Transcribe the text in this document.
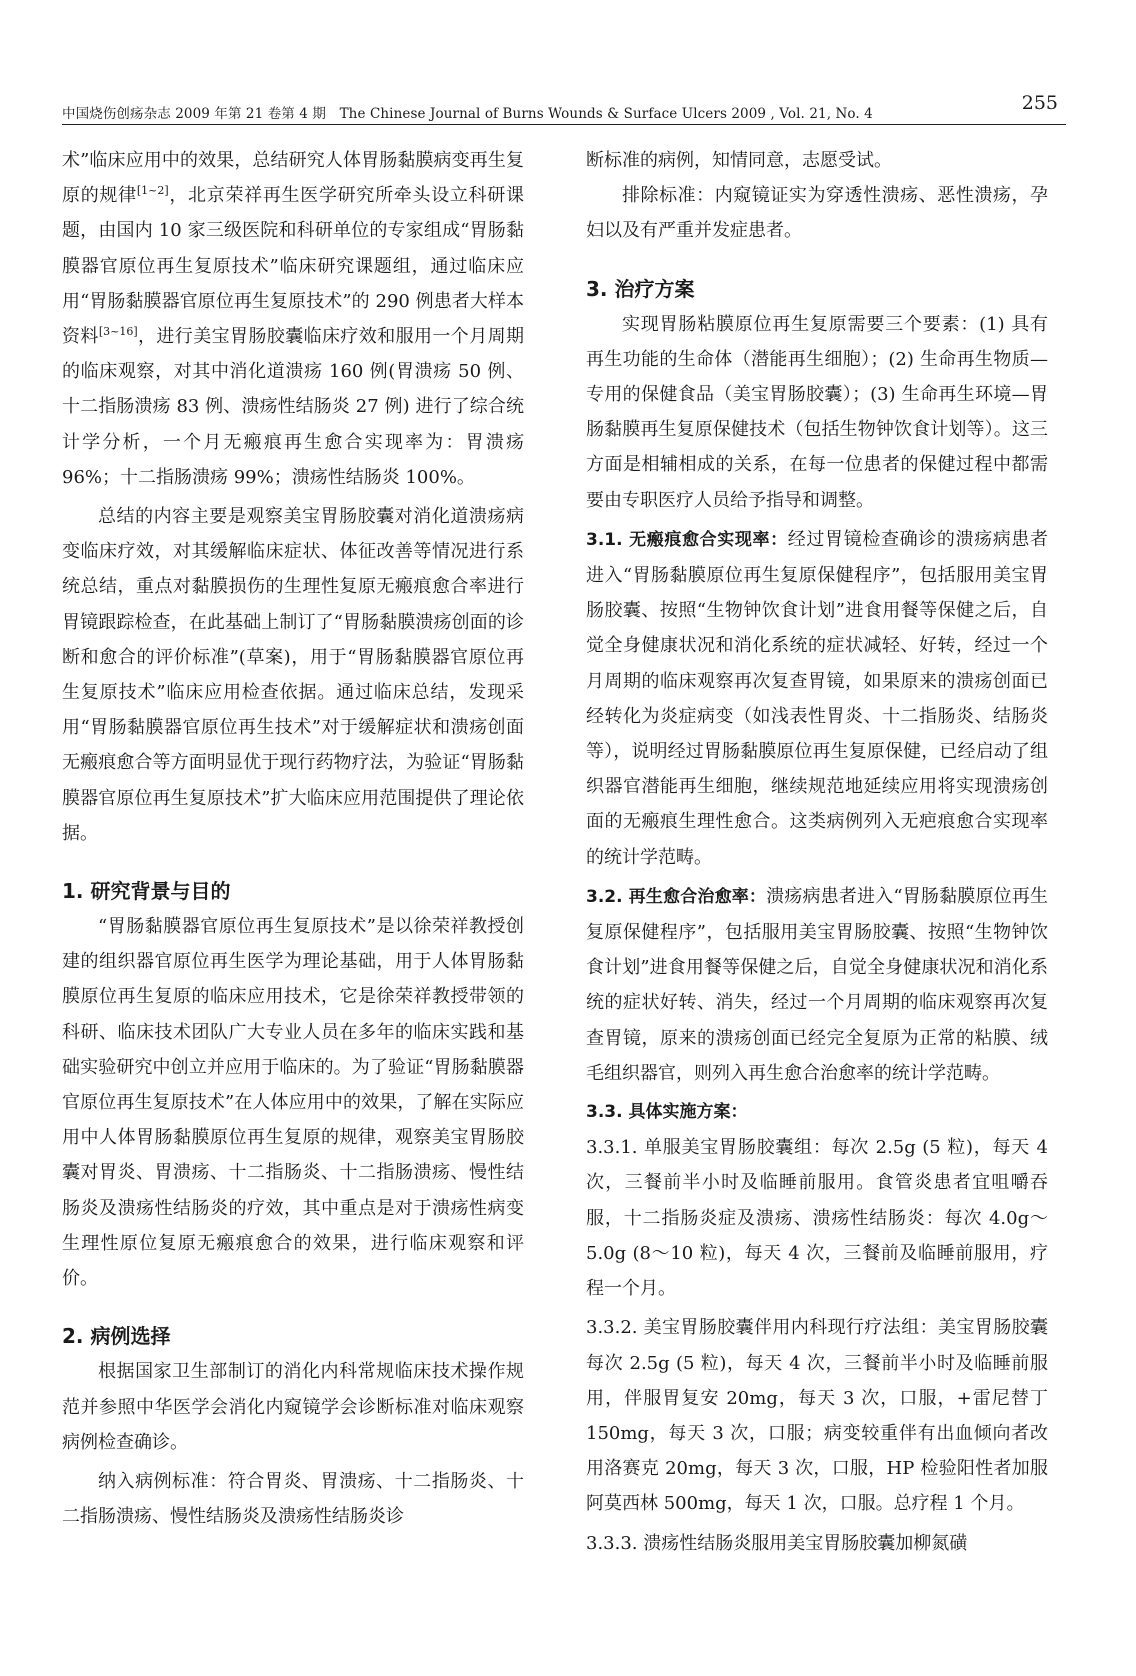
中国烧伤创疡杂志 2009 年第 21 卷第 4 期　The Chinese Journal of Burns Wounds & Surface Ulcers 2009 , Vol. 21, No. 4	255

术”临床应用中的效果，总结研究人体胃肠黏膜病变再生复原的规律[1~2]，北京荣祥再生医学研究所牵头设立科研课题，由国内 10 家三级医院和科研单位的专家组成“胃肠黏膜器官原位再生复原技术”临床研究课题组，通过临床应用“胃肠黏膜器官原位再生复原技术”的 290 例患者大样本资料[3~16]，进行美宝胃肠胶囊临床疗效和服用一个月周期的临床观察，对其中消化道溃疡 160 例(胃溃疡 50 例、十二指肠溃疡 83 例、溃疡性结肠炎 27 例) 进行了综合统计学分析，一个月无瘢痕再生愈合实现率为：胃溃疡 96%；十二指肠溃疡 99%；溃疡性结肠炎 100%。

总结的内容主要是观察美宝胃肠胶囊对消化道溃疡病变临床疗效，对其缓解临床症状、体征改善等情况进行系统总结，重点对黏膜损伤的生理性复原无瘢痕愈合率进行胃镜跟踪检查，在此基础上制订了“胃肠黏膜溃疡创面的诊断和愈合的评价标准”(草案)，用于“胃肠黏膜器官原位再生复原技术”临床应用检查依据。通过临床总结，发现采用“胃肠黏膜器官原位再生技术”对于缓解症状和溃疡创面无瘢痕愈合等方面明显优于现行药物疗法，为验证“胃肠黏膜器官原位再生复原技术”扩大临床应用范围提供了理论依据。

1. 研究背景与目的

“胃肠黏膜器官原位再生复原技术”是以徐荣祥教授创建的组织器官原位再生医学为理论基础，用于人体胃肠黏膜原位再生复原的临床应用技术，它是徐荣祥教授带领的科研、临床技术团队广大专业人员在多年的临床实践和基础实验研究中创立并应用于临床的。为了验证“胃肠黏膜器官原位再生复原技术”在人体应用中的效果，了解在实际应用中人体胃肠黏膜原位再生复原的规律，观察美宝胃肠胶囊对胃炎、胃溃疡、十二指肠炎、十二指肠溃疡、慢性结肠炎及溃疡性结肠炎的疗效，其中重点是对于溃疡性病变生理性原位复原无瘢痕愈合的效果，进行临床观察和评价。

2. 病例选择

根据国家卫生部制订的消化内科常规临床技术操作规范并参照中华医学会消化内窥镜学会诊断标准对临床观察病例检查确诊。

纳入病例标准：符合胃炎、胃溃疡、十二指肠炎、十二指肠溃疡、慢性结肠炎及溃疡性结肠炎诊

断标准的病例，知情同意，志愿受试。

排除标准：内窥镜证实为穿透性溃疡、恶性溃疡，孕妇以及有严重并发症患者。

3. 治疗方案

实现胃肠粘膜原位再生复原需要三个要素：(1) 具有再生功能的生命体（潜能再生细胞）；(2) 生命再生物质—专用的保健食品（美宝胃肠胶囊）；(3) 生命再生环境—胃肠黏膜再生复原保健技术（包括生物钟饮食计划等）。这三方面是相辅相成的关系，在每一位患者的保健过程中都需要由专职医疗人员给予指导和调整。

3.1. 无瘢痕愈合实现率：经过胃镜检查确诊的溃疡病患者进入“胃肠黏膜原位再生复原保健程序”，包括服用美宝胃肠胶囊、按照“生物钟饮食计划”进食用餐等保健之后，自觉全身健康状况和消化系统的症状减轻、好转，经过一个月周期的临床观察再次复查胃镜，如果原来的溃疡创面已经转化为炎症病变（如浅表性胃炎、十二指肠炎、结肠炎等），说明经过胃肠黏膜原位再生复原保健，已经启动了组织器官潜能再生细胞，继续规范地延续应用将实现溃疡创面的无瘢痕生理性愈合。这类病例列入无疤痕愈合实现率的统计学范畴。

3.2. 再生愈合治愈率：溃疡病患者进入“胃肠黏膜原位再生复原保健程序”，包括服用美宝胃肠胶囊、按照“生物钟饮食计划”进食用餐等保健之后，自觉全身健康状况和消化系统的症状好转、消失，经过一个月周期的临床观察再次复查胃镜，原来的溃疡创面已经完全复原为正常的粘膜、绒毛组织器官，则列入再生愈合治愈率的统计学范畴。

3.3. 具体实施方案：

3.3.1. 单服美宝胃肠胶囊组：每次 2.5g (5 粒)，每天 4 次，三餐前半小时及临睡前服用。食管炎患者宜咀嚼吞服，十二指肠炎症及溃疡、溃疡性结肠炎：每次 4.0g～5.0g (8～10 粒)，每天 4 次，三餐前及临睡前服用，疗程一个月。

3.3.2. 美宝胃肠胶囊伴用内科现行疗法组：美宝胃肠胶囊每次 2.5g (5 粒)，每天 4 次，三餐前半小时及临睡前服用，伴服胃复安 20mg，每天 3 次，口服，+雷尼替丁 150mg，每天 3 次，口服；病变较重伴有出血倾向者改用洛赛克 20mg，每天 3 次，口服，HP 检验阳性者加服阿莫西林 500mg，每天 1 次，口服。总疗程 1 个月。

3.3.3. 溃疡性结肠炎服用美宝胃肠胶囊加柳氮磺
